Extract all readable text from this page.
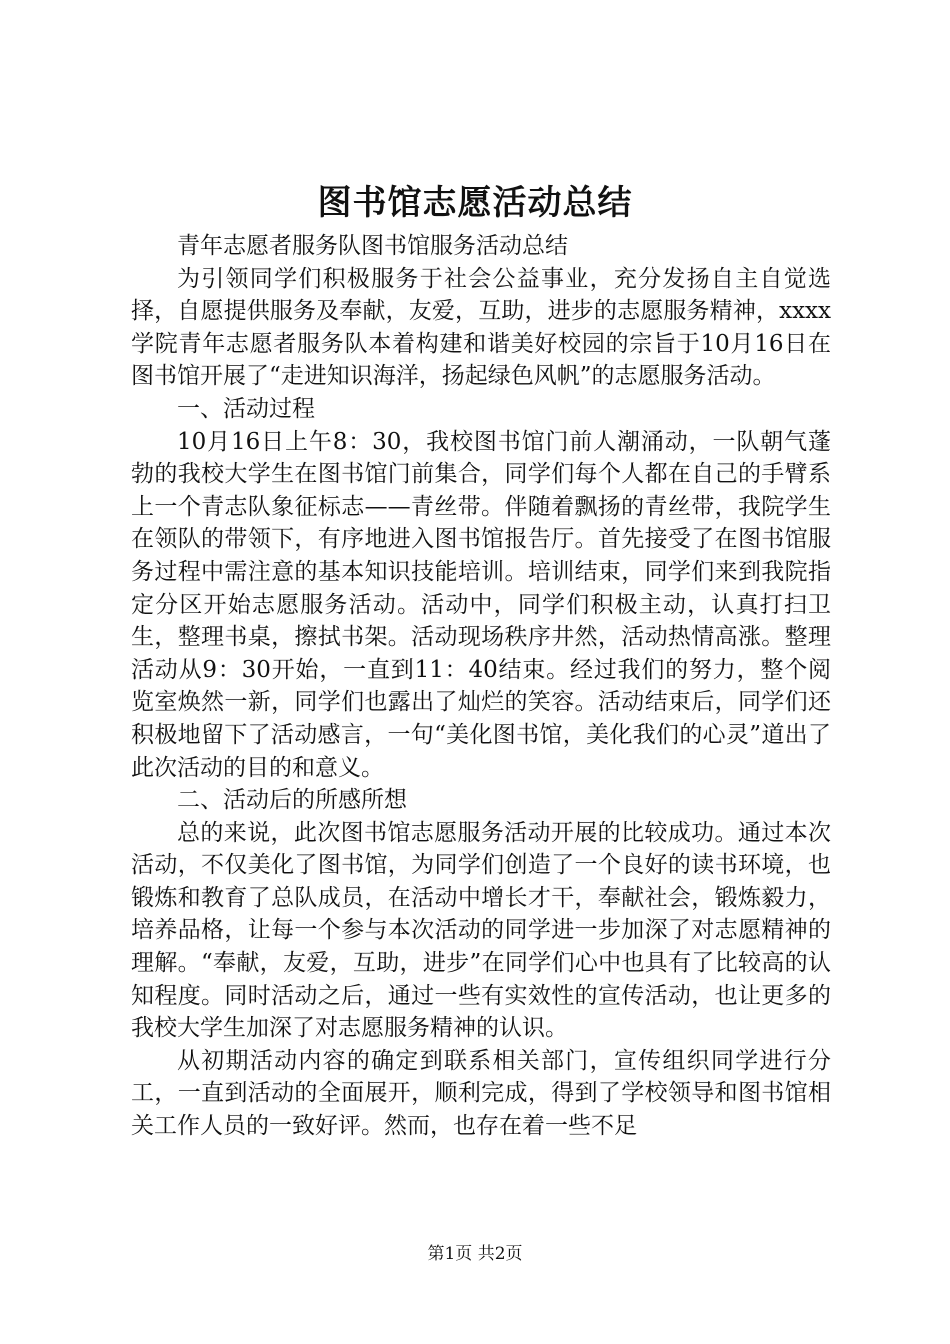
图书馆志愿活动总结

青年志愿者服务队图书馆服务活动总结

为引领同学们积极服务于社会公益事业，充分发扬自主自觉选择，自愿提供服务及奉献，友爱，互助，进步的志愿服务精神，xxxx学院青年志愿者服务队本着构建和谐美好校园的宗旨于10月16日在图书馆开展了“走进知识海洋，扬起绿色风帆”的志愿服务活动。

一、活动过程

10月16日上午8：30，我校图书馆门前人潮涌动，一队朝气蓬勃的我校大学生在图书馆门前集合，同学们每个人都在自己的手臂系上一个青志队象征标志——青丝带。伴随着飘扬的青丝带，我院学生在领队的带领下，有序地进入图书馆报告厅。首先接受了在图书馆服务过程中需注意的基本知识技能培训。培训结束，同学们来到我院指定分区开始志愿服务活动。活动中，同学们积极主动，认真打扫卫生，整理书桌，擦拭书架。活动现场秩序井然，活动热情高涨。整理活动从9：30开始，一直到11：40结束。经过我们的努力，整个阅览室焕然一新，同学们也露出了灿烂的笑容。活动结束后，同学们还积极地留下了活动感言，一句“美化图书馆，美化我们的心灵”道出了此次活动的目的和意义。

二、活动后的所感所想

总的来说，此次图书馆志愿服务活动开展的比较成功。通过本次活动，不仅美化了图书馆，为同学们创造了一个良好的读书环境，也锻炼和教育了总队成员，在活动中增长才干，奉献社会，锻炼毅力，培养品格，让每一个参与本次活动的同学进一步加深了对志愿精神的理解。“奉献，友爱，互助，进步”在同学们心中也具有了比较高的认知程度。同时活动之后，通过一些有实效性的宣传活动，也让更多的我校大学生加深了对志愿服务精神的认识。

从初期活动内容的确定到联系相关部门，宣传组织同学进行分工，一直到活动的全面展开，顺利完成，得到了学校领导和图书馆相关工作人员的一致好评。然而，也存在着一些不足

第1页 共2页
